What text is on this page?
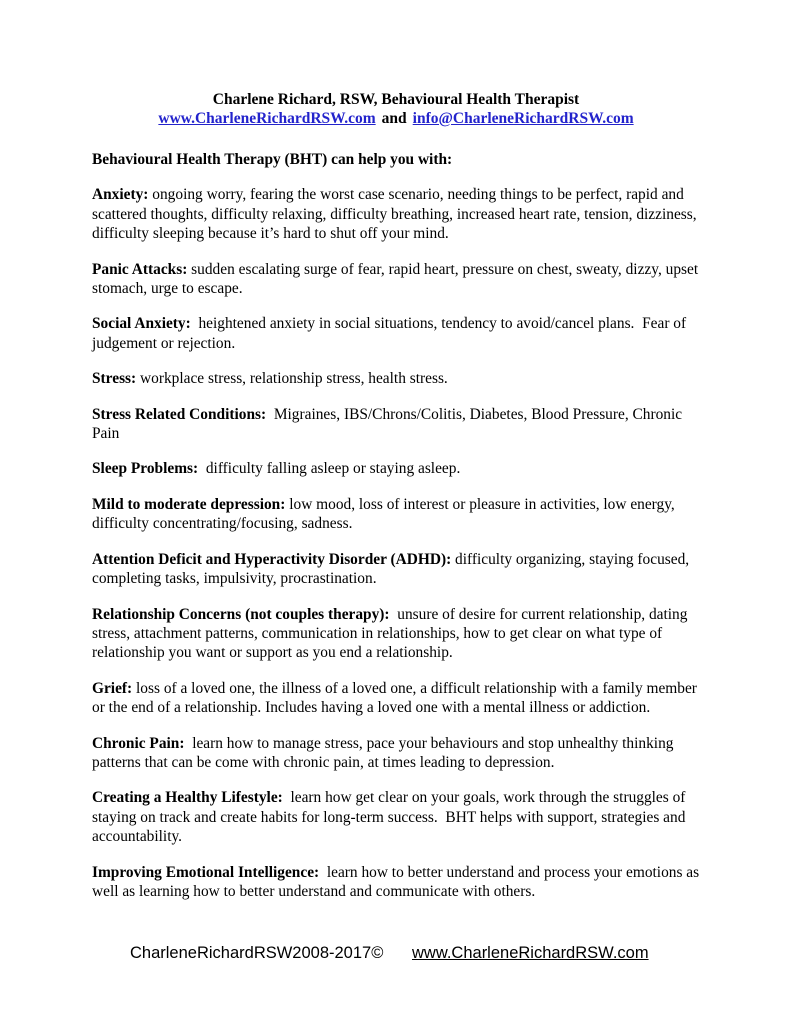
Charlene Richard, RSW, Behavioural Health Therapist
www.CharleneRichardRSW.com and info@CharleneRichardRSW.com
Behavioural Health Therapy (BHT) can help you with:

Anxiety: ongoing worry, fearing the worst case scenario, needing things to be perfect, rapid and scattered thoughts, difficulty relaxing, difficulty breathing, increased heart rate, tension, dizziness, difficulty sleeping because it’s hard to shut off your mind.

Panic Attacks: sudden escalating surge of fear, rapid heart, pressure on chest, sweaty, dizzy, upset stomach, urge to escape.

Social Anxiety:  heightened anxiety in social situations, tendency to avoid/cancel plans.  Fear of judgement or rejection.

Stress: workplace stress, relationship stress, health stress.

Stress Related Conditions:  Migraines, IBS/Chrons/Colitis, Diabetes, Blood Pressure, Chronic Pain

Sleep Problems:  difficulty falling asleep or staying asleep.

Mild to moderate depression: low mood, loss of interest or pleasure in activities, low energy, difficulty concentrating/focusing, sadness.

Attention Deficit and Hyperactivity Disorder (ADHD): difficulty organizing, staying focused, completing tasks, impulsivity, procrastination.

Relationship Concerns (not couples therapy):  unsure of desire for current relationship, dating stress, attachment patterns, communication in relationships, how to get clear on what type of relationship you want or support as you end a relationship.

Grief: loss of a loved one, the illness of a loved one, a difficult relationship with a family member or the end of a relationship. Includes having a loved one with a mental illness or addiction.

Chronic Pain:  learn how to manage stress, pace your behaviours and stop unhealthy thinking patterns that can be come with chronic pain, at times leading to depression.

Creating a Healthy Lifestyle:  learn how get clear on your goals, work through the struggles of staying on track and create habits for long-term success.  BHT helps with support, strategies and accountability.

Improving Emotional Intelligence:  learn how to better understand and process your emotions as well as learning how to better understand and communicate with others.

CharleneRichardRSW2008-2017© www.CharleneRichardRSW.com
